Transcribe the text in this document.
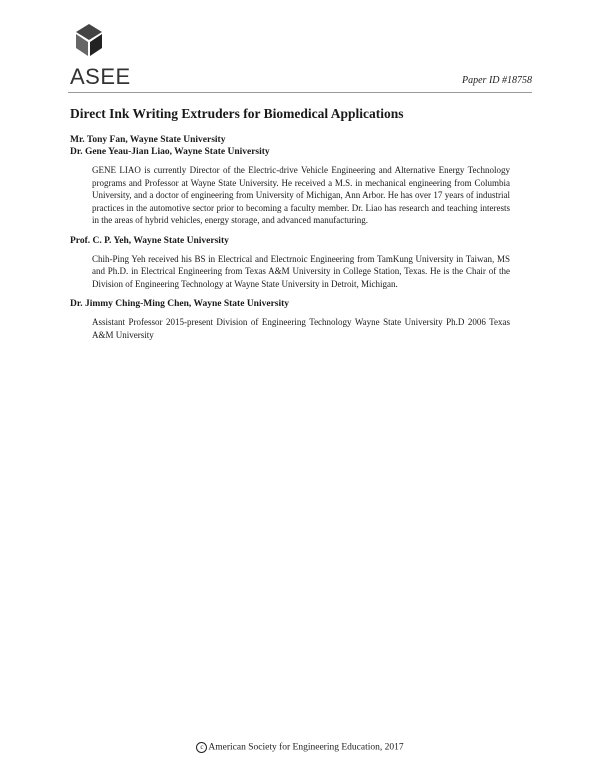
ASEE	Paper ID #18758
Direct Ink Writing Extruders for Biomedical Applications

Mr. Tony Fan, Wayne State University

Dr. Gene Yeau-Jian Liao, Wayne State University

GENE LIAO is currently Director of the Electric-drive Vehicle Engineering and Alternative Energy Technology programs and Professor at Wayne State University. He received a M.S. in mechanical engineering from Columbia University, and a doctor of engineering from University of Michigan, Ann Arbor. He has over 17 years of industrial practices in the automotive sector prior to becoming a faculty member. Dr. Liao has research and teaching interests in the areas of hybrid vehicles, energy storage, and advanced manufacturing.

Prof. C. P. Yeh, Wayne State University

Chih-Ping Yeh received his BS in Electrical and Electrnoic Engineering from TamKung University in Taiwan, MS and Ph.D. in Electrical Engineering from Texas A&M University in College Station, Texas. He is the Chair of the Division of Engineering Technology at Wayne State University in Detroit, Michigan.

Dr. Jimmy Ching-Ming Chen, Wayne State University

Assistant Professor 2015-present Division of Engineering Technology Wayne State University Ph.D 2006 Texas A&M University

c American Society for Engineering Education, 2017
